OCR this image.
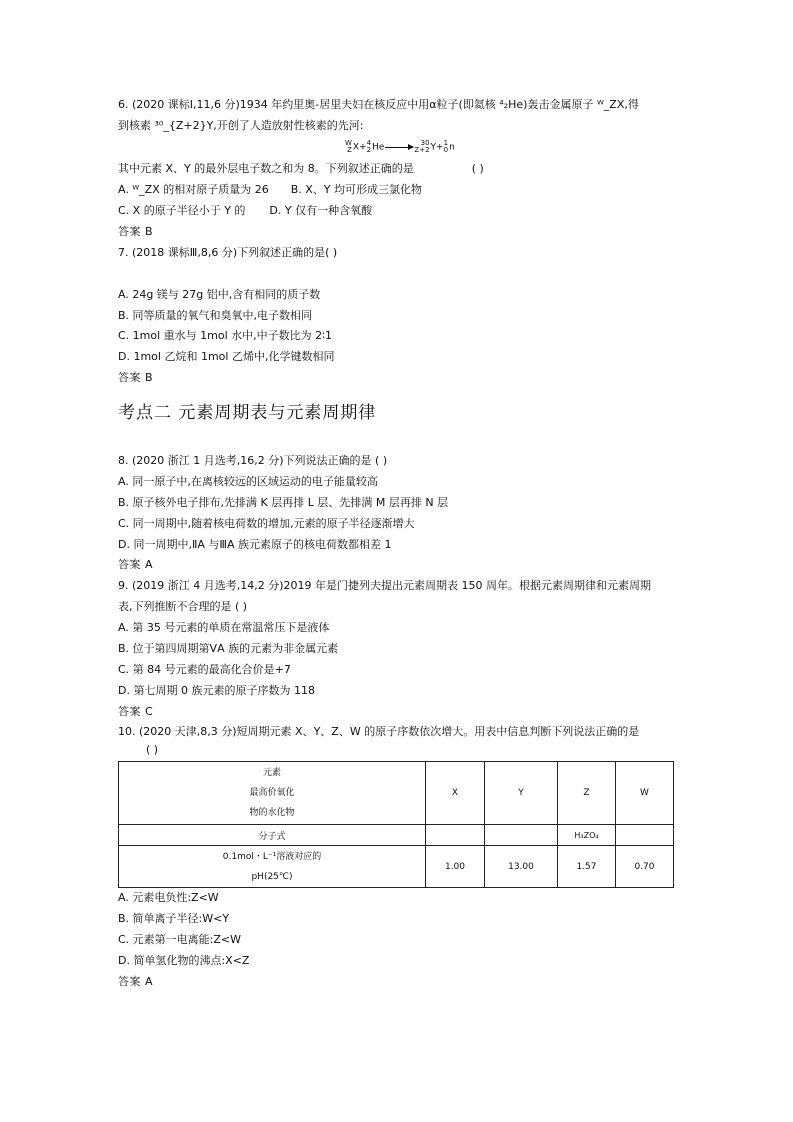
6. (2020 课标Ⅰ,11,6 分)1934 年约里奥-居里夫妇在核反应中用α粒子(即氦核 ⁴₂He)轰击金属原子 ᵂ_ZX,得
到核素 ³⁰_{Z+2}Y,开创了人造放射性核素的先河:
W
Z X+ 4
2 He→	30
Z+2 Y+ 1
0 n
其中元素 X、Y 的最外层电子数之和为 8。下列叙述正确的是	( )
A. ᵂ_ZX 的相对原子质量为 26 B. X、Y 均可形成三氯化物
C. X 的原子半径小于 Y 的 D. Y 仅有一种含氧酸
答案 B
7. (2018 课标Ⅲ,8,6 分)下列叙述正确的是( )
A. 24g 镁与 27g 铝中,含有相同的质子数
B. 同等质量的氧气和臭氧中,电子数相同
C. 1mol 重水与 1mol 水中,中子数比为 2∶1
D. 1mol 乙烷和 1mol 乙烯中,化学键数相同
答案 B
考点二 元素周期表与元素周期律
8. (2020 浙江 1 月选考,16,2 分)下列说法正确的是 ( )
A. 同一原子中,在离核较远的区域运动的电子能量较高
B. 原子核外电子排布,先排满 K 层再排 L 层、先排满 M 层再排 N 层
C. 同一周期中,随着核电荷数的增加,元素的原子半径逐渐增大
D. 同一周期中,ⅡA 与ⅢA 族元素原子的核电荷数都相差 1
答案 A
9. (2019 浙江 4 月选考,14,2 分)2019 年是门捷列夫提出元素周期表 150 周年。根据元素周期律和元素周期
表,下列推断不合理的是 ( )
A. 第 35 号元素的单质在常温常压下是液体
B. 位于第四周期第ⅤA 族的元素为非金属元素
C. 第 84 号元素的最高化合价是+7
D. 第七周期 0 族元素的原子序数为 118
答案 C
10. (2020 天津,8,3 分)短周期元素 X、Y、Z、W 的原子序数依次增大。用表中信息判断下列说法正确的是
( )
元素
最高价氧化
物的水化物	X	Y	Z	W
分子式			H₃ZO₄	

0.1mol・L⁻¹溶液对应的
pH(25℃)	1.00	13.00	1.57	0.70
A. 元素电负性:Z<W
B. 简单离子半径:W<Y
C. 元素第一电离能:Z<W
D. 简单氢化物的沸点:X<Z
答案 A
